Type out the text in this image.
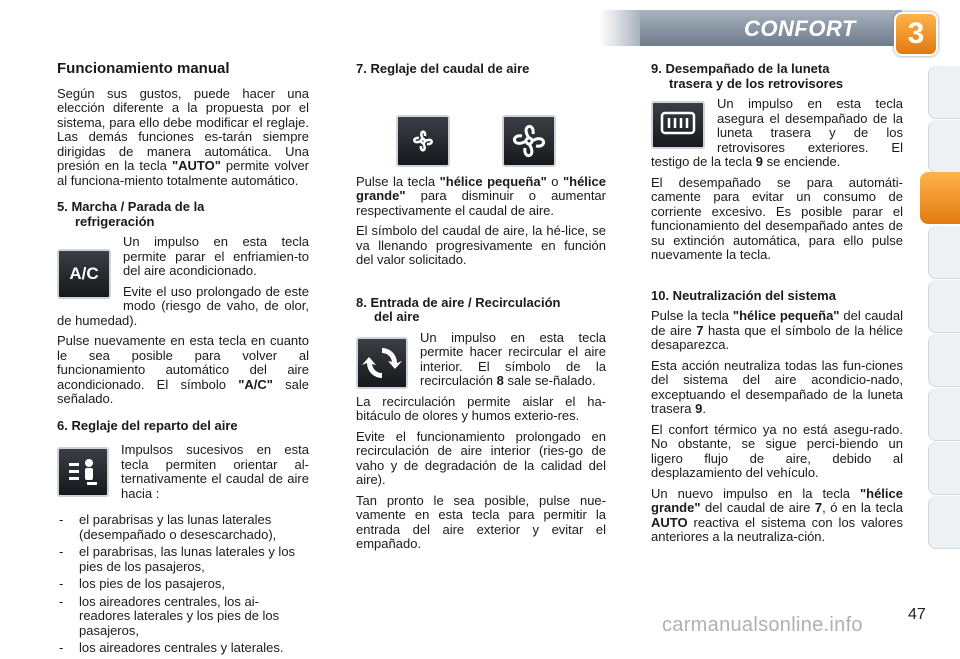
CONFORT	3
Funcionamiento manual

Según sus gustos, puede hacer una elección diferente a la propuesta por el sistema, para ello debe modificar el reglaje. Las demás funciones es-tarán siempre dirigidas de manera automática. Una presión en la tecla "AUTO" permite volver al funciona-miento totalmente automático.

5. Marcha / Parada de la
refrigeración
A/C

Un impulso en esta tecla permite parar el enfriamien-to del aire acondicionado.

Evite el uso prolongado de este modo (riesgo de vaho, de olor, de humedad).

Pulse nuevamente en esta tecla en cuanto le sea posible para volver al funcionamiento automático del aire acondicionado. El símbolo "A/C" sale señalado.

6. Reglaje del reparto del aire

Impulsos sucesivos en esta tecla permiten orientar al-ternativamente el caudal de aire hacia :

- el parabrisas y las lunas laterales (desempañado o desescarchado),
- el parabrisas, las lunas laterales y los pies de los pasajeros,
- los pies de los pasajeros,
- los aireadores centrales, los ai-readores laterales y los pies de los pasajeros,
- los aireadores centrales y laterales.
7. Reglaje del caudal de aire

Pulse la tecla "hélice pequeña" o "hélice grande" para disminuir o aumentar respectivamente el caudal de aire.

El símbolo del caudal de aire, la hé-lice, se va llenando progresivamente en función del valor solicitado.

8. Entrada de aire / Recirculación
del aire

Un impulso en esta tecla permite hacer recircular el aire interior. El símbolo de la recirculación 8 sale se-ñalado.

La recirculación permite aislar el ha-bitáculo de olores y humos exterio-res.

Evite el funcionamiento prolongado en recirculación de aire interior (ries-go de vaho y de degradación de la calidad del aire).

Tan pronto le sea posible, pulse nue-vamente en esta tecla para permitir la entrada del aire exterior y evitar el empañado.

9. Desempañado de la luneta
trasera y de los retrovisores

Un impulso en esta tecla asegura el desempañado de la luneta trasera y de los retrovisores exteriores. El testigo de la tecla 9 se enciende.

El desempañado se para automáti-camente para evitar un consumo de corriente excesivo. Es posible parar el funcionamiento del desempañado antes de su extinción automática, para ello pulse nuevamente la tecla.

10. Neutralización del sistema

Pulse la tecla "hélice pequeña" del caudal de aire 7 hasta que el símbolo de la hélice desaparezca.

Esta acción neutraliza todas las fun-ciones del sistema del aire acondicio-nado, exceptuando el desempañado de la luneta trasera 9.

El confort térmico ya no está asegu-rado. No obstante, se sigue perci-biendo un ligero flujo de aire, debido al desplazamiento del vehículo.

Un nuevo impulso en la tecla "hélice grande" del caudal de aire 7, ó en la tecla AUTO reactiva el sistema con los valores anteriores a la neutraliza-ción.

carmanualsonline.info	47
